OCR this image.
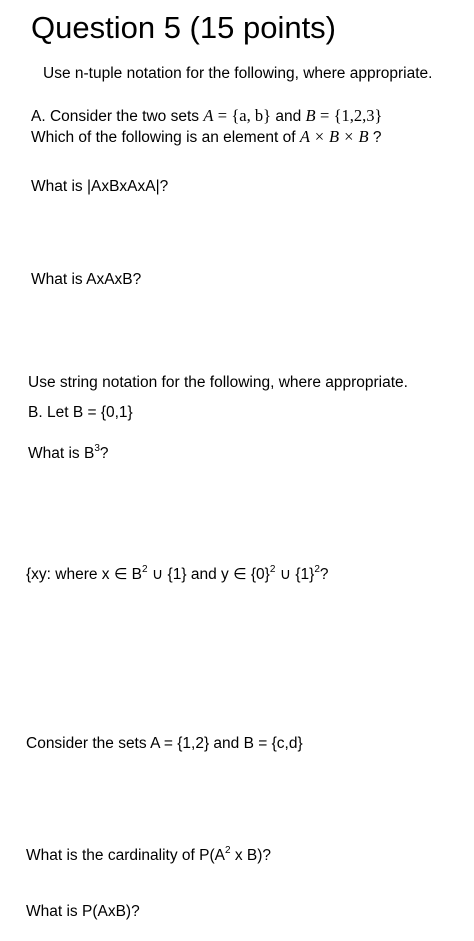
Question 5 (15 points)
Use n-tuple notation for the following, where appropriate.
A. Consider the two sets A = {a, b} and B = {1,2,3}
Which of the following is an element of A × B × B ?
What is |AxBxAxA|?
What is AxAxB?
Use string notation for the following, where appropriate.
B. Let B = {0,1}
What is $B^3$?
{xy: where x ∈ $B^2$ ∪ {1} and y ∈ $\{0\}^2$ ∪ $\{1\}^2$?
Consider the sets A = {1,2} and B = {c,d}
What is the cardinality of $P(A^2$ x B)?
What is P(AxB)?
